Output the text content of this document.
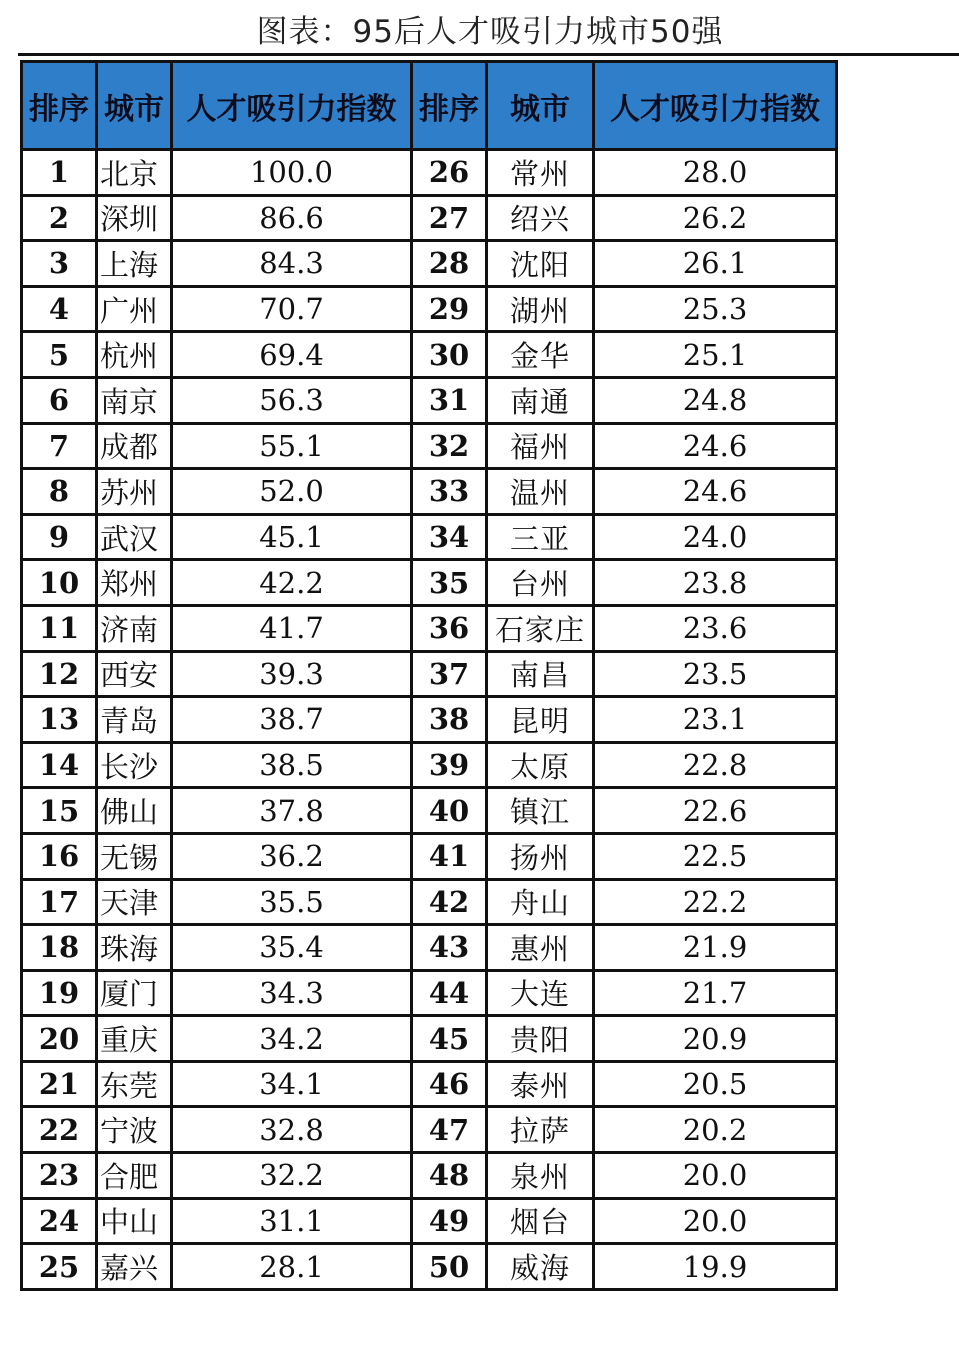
图表：95后人才吸引力城市50强
排序	城市	人才吸引力指数	排序	城市	人才吸引力指数
1	北京	100.0	26	常州	28.0
2	深圳	86.6	27	绍兴	26.2
3	上海	84.3	28	沈阳	26.1
4	广州	70.7	29	湖州	25.3
5	杭州	69.4	30	金华	25.1
6	南京	56.3	31	南通	24.8
7	成都	55.1	32	福州	24.6
8	苏州	52.0	33	温州	24.6
9	武汉	45.1	34	三亚	24.0
10	郑州	42.2	35	台州	23.8
11	济南	41.7	36	石家庄	23.6
12	西安	39.3	37	南昌	23.5
13	青岛	38.7	38	昆明	23.1
14	长沙	38.5	39	太原	22.8
15	佛山	37.8	40	镇江	22.6
16	无锡	36.2	41	扬州	22.5
17	天津	35.5	42	舟山	22.2
18	珠海	35.4	43	惠州	21.9
19	厦门	34.3	44	大连	21.7
20	重庆	34.2	45	贵阳	20.9
21	东莞	34.1	46	泰州	20.5
22	宁波	32.8	47	拉萨	20.2
23	合肥	32.2	48	泉州	20.0
24	中山	31.1	49	烟台	20.0
25	嘉兴	28.1	50	威海	19.9
